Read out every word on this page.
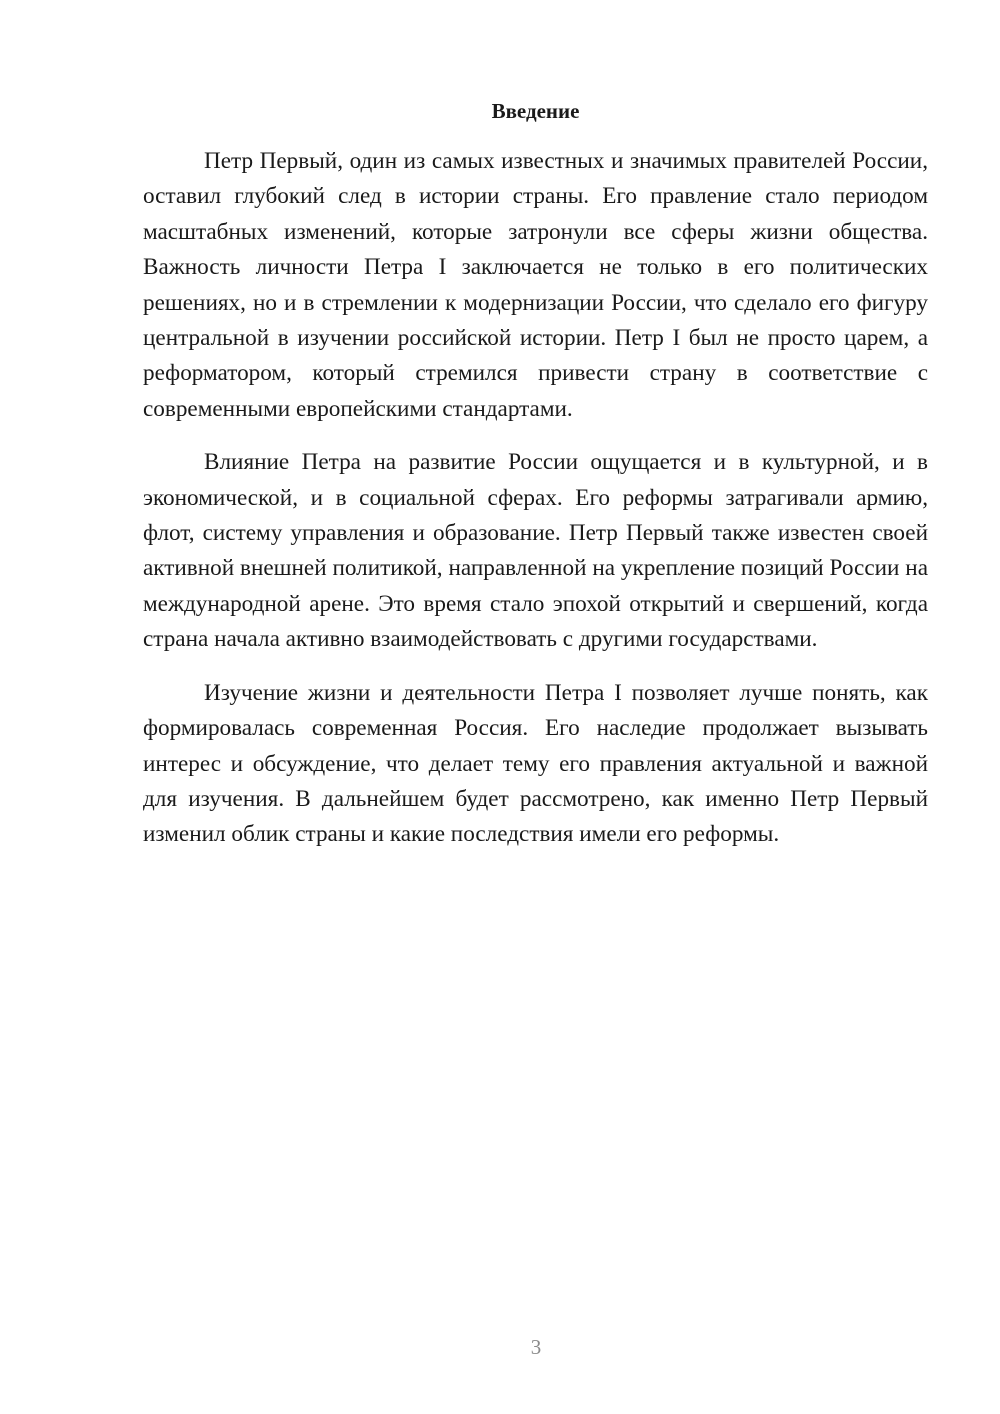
Введение

Петр Первый, один из самых известных и значимых правителей России, оставил глубокий след в истории страны. Его правление стало периодом масштабных изменений, которые затронули все сферы жизни общества. Важность личности Петра I заключается не только в его политических решениях, но и в стремлении к модернизации России, что сделало его фигуру центральной в изучении российской истории. Петр I был не просто царем, а реформатором, который стремился привести страну в соответствие с современными европейскими стандартами.

Влияние Петра на развитие России ощущается и в культурной, и в экономической, и в социальной сферах. Его реформы затрагивали армию, флот, систему управления и образование. Петр Первый также известен своей активной внешней политикой, направленной на укрепление позиций России на международной арене. Это время стало эпохой открытий и свершений, когда страна начала активно взаимодействовать с другими государствами.

Изучение жизни и деятельности Петра I позволяет лучше понять, как формировалась современная Россия. Его наследие продолжает вызывать интерес и обсуждение, что делает тему его правления актуальной и важной для изучения. В дальнейшем будет рассмотрено, как именно Петр Первый изменил облик страны и какие последствия имели его реформы.

3
